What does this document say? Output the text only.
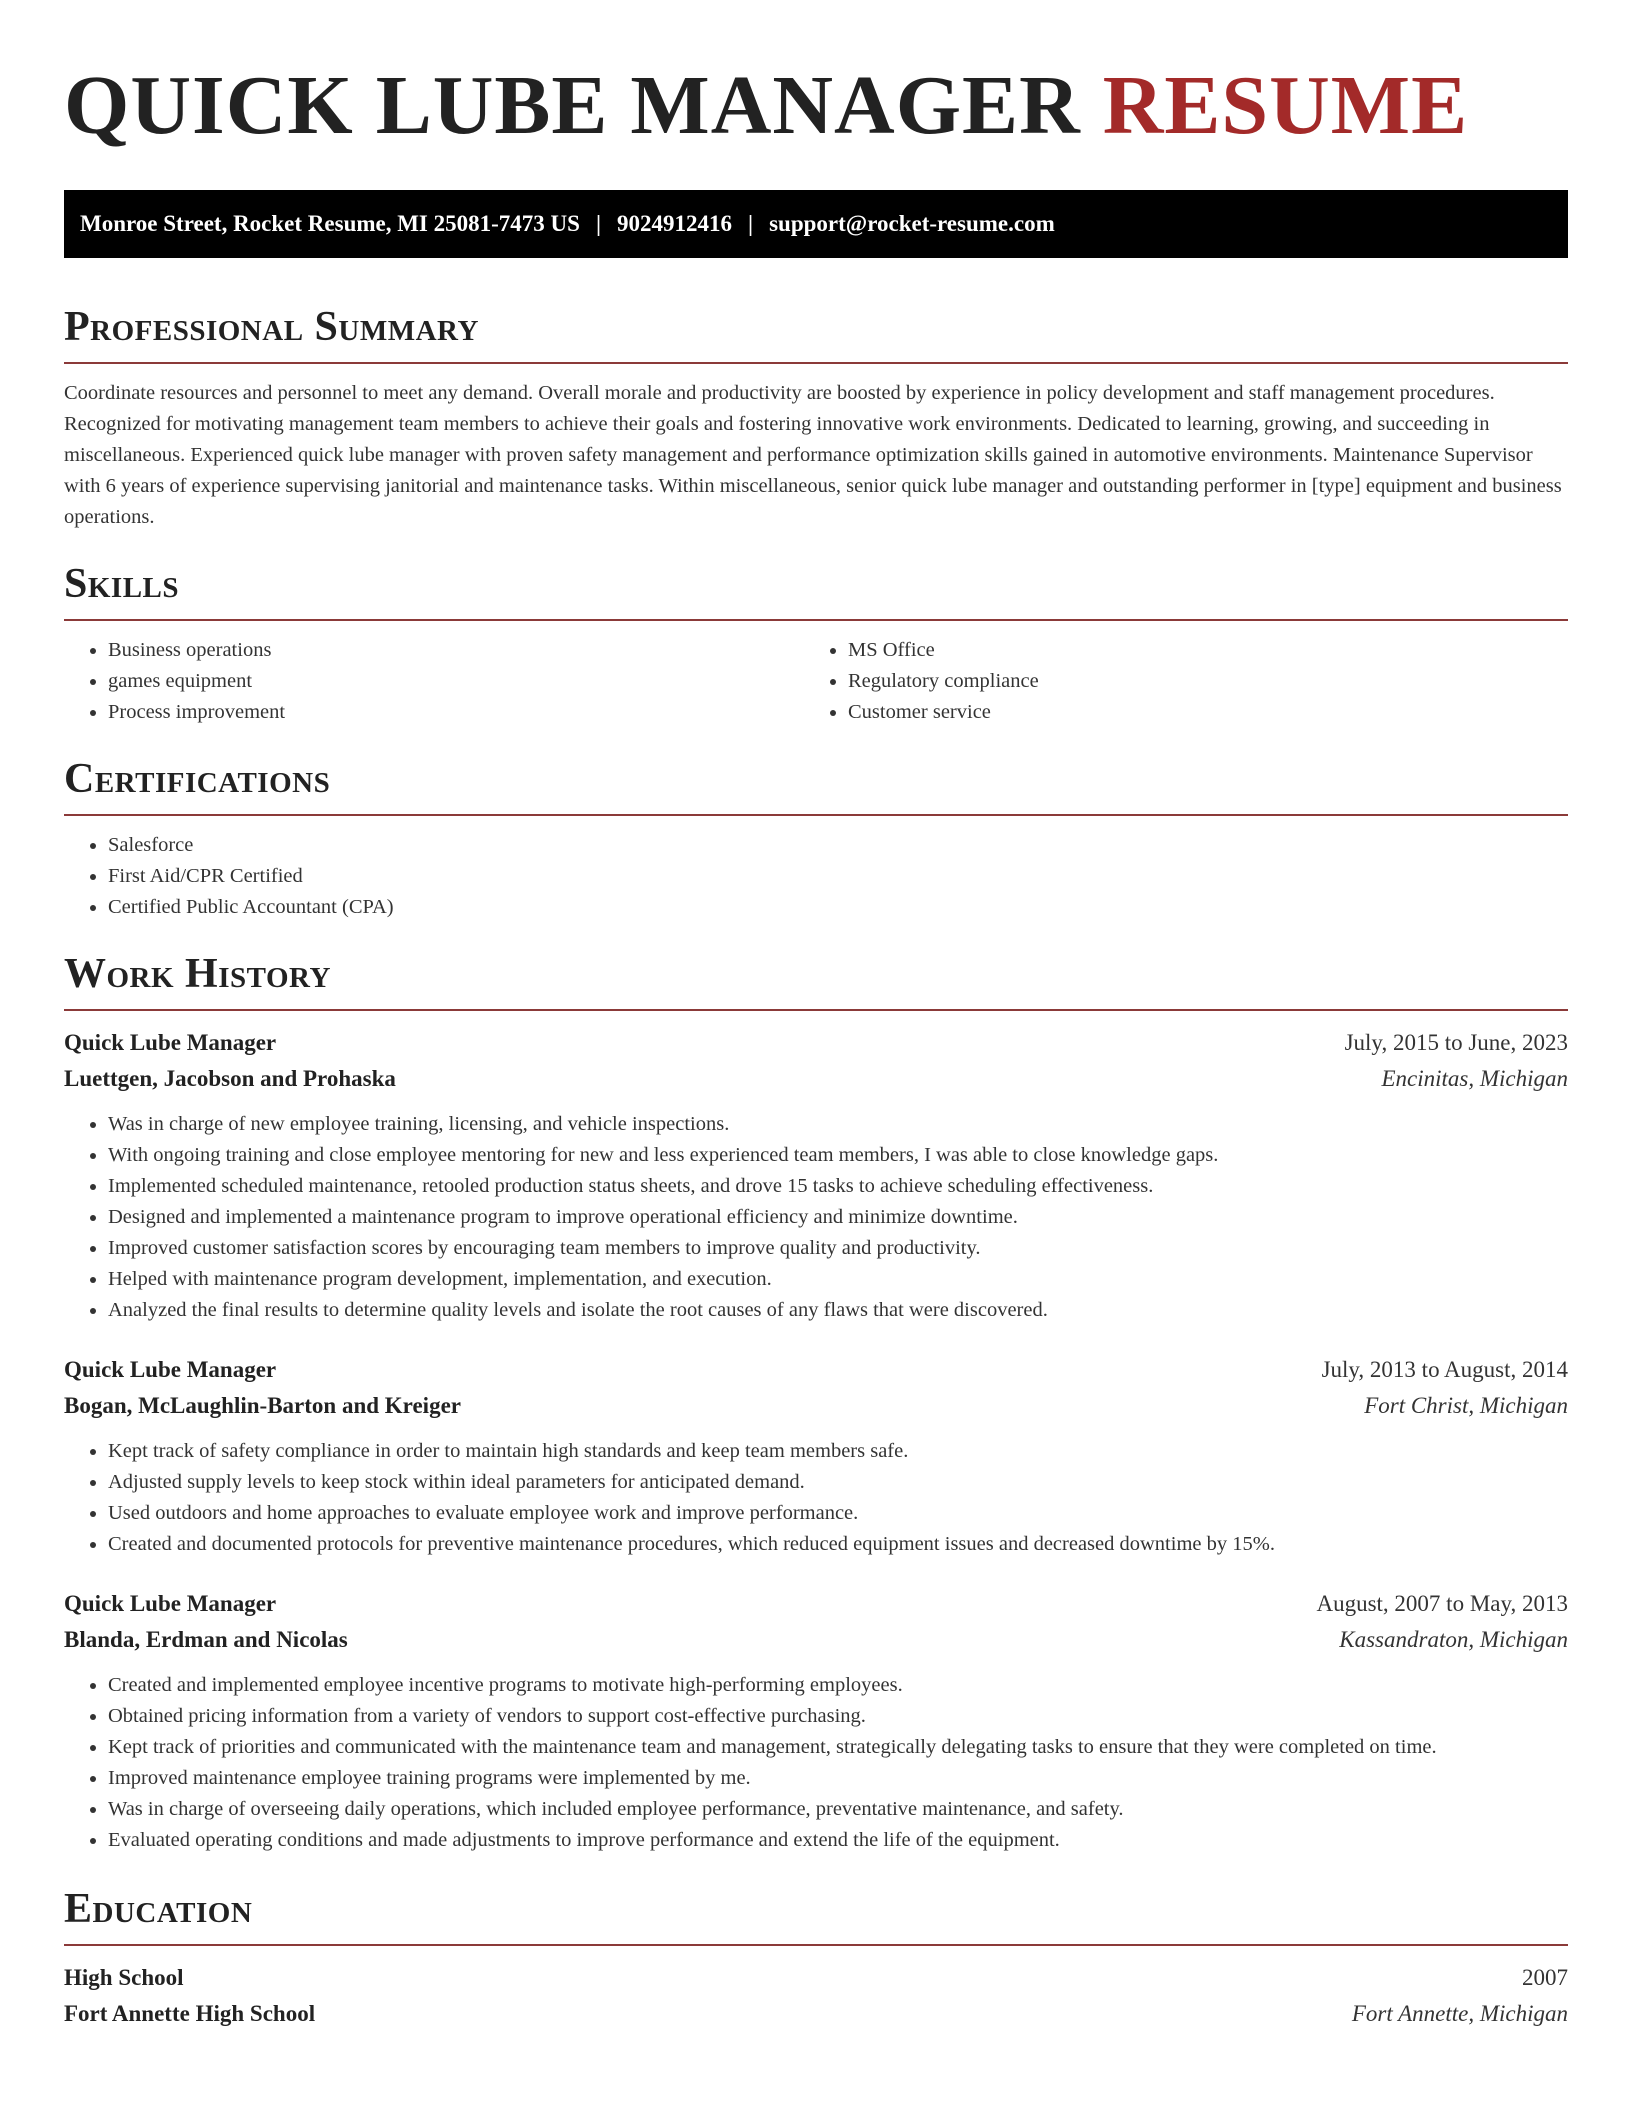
QUICK LUBE MANAGER RESUME
Monroe Street, Rocket Resume, MI 25081-7473 US | 9024912416 | support@rocket-resume.com
Professional Summary

Coordinate resources and personnel to meet any demand. Overall morale and productivity are boosted by experience in policy development and staff management procedures. Recognized for motivating management team members to achieve their goals and fostering innovative work environments. Dedicated to learning, growing, and succeeding in miscellaneous. Experienced quick lube manager with proven safety management and performance optimization skills gained in automotive environments. Maintenance Supervisor with 6 years of experience supervising janitorial and maintenance tasks. Within miscellaneous, senior quick lube manager and outstanding performer in [type] equipment and business operations.

Skills
• Business operations
• games equipment
• Process improvement
• MS Office
• Regulatory compliance
• Customer service
Certifications
• Salesforce
• First Aid/CPR Certified
• Certified Public Accountant (CPA)
Work History
Quick Lube Manager	July, 2015 to June, 2023
Luettgen, Jacobson and Prohaska	Encinitas, Michigan
• Was in charge of new employee training, licensing, and vehicle inspections.
• With ongoing training and close employee mentoring for new and less experienced team members, I was able to close knowledge gaps.
• Implemented scheduled maintenance, retooled production status sheets, and drove 15 tasks to achieve scheduling effectiveness.
• Designed and implemented a maintenance program to improve operational efficiency and minimize downtime.
• Improved customer satisfaction scores by encouraging team members to improve quality and productivity.
• Helped with maintenance program development, implementation, and execution.
• Analyzed the final results to determine quality levels and isolate the root causes of any flaws that were discovered.
Quick Lube Manager	July, 2013 to August, 2014
Bogan, McLaughlin-Barton and Kreiger	Fort Christ, Michigan
• Kept track of safety compliance in order to maintain high standards and keep team members safe.
• Adjusted supply levels to keep stock within ideal parameters for anticipated demand.
• Used outdoors and home approaches to evaluate employee work and improve performance.
• Created and documented protocols for preventive maintenance procedures, which reduced equipment issues and decreased downtime by 15%.
Quick Lube Manager	August, 2007 to May, 2013
Blanda, Erdman and Nicolas	Kassandraton, Michigan
• Created and implemented employee incentive programs to motivate high-performing employees.
• Obtained pricing information from a variety of vendors to support cost-effective purchasing.
• Kept track of priorities and communicated with the maintenance team and management, strategically delegating tasks to ensure that they were completed on time.
• Improved maintenance employee training programs were implemented by me.
• Was in charge of overseeing daily operations, which included employee performance, preventative maintenance, and safety.
• Evaluated operating conditions and made adjustments to improve performance and extend the life of the equipment.
Education
High School	2007
Fort Annette High School	Fort Annette, Michigan
